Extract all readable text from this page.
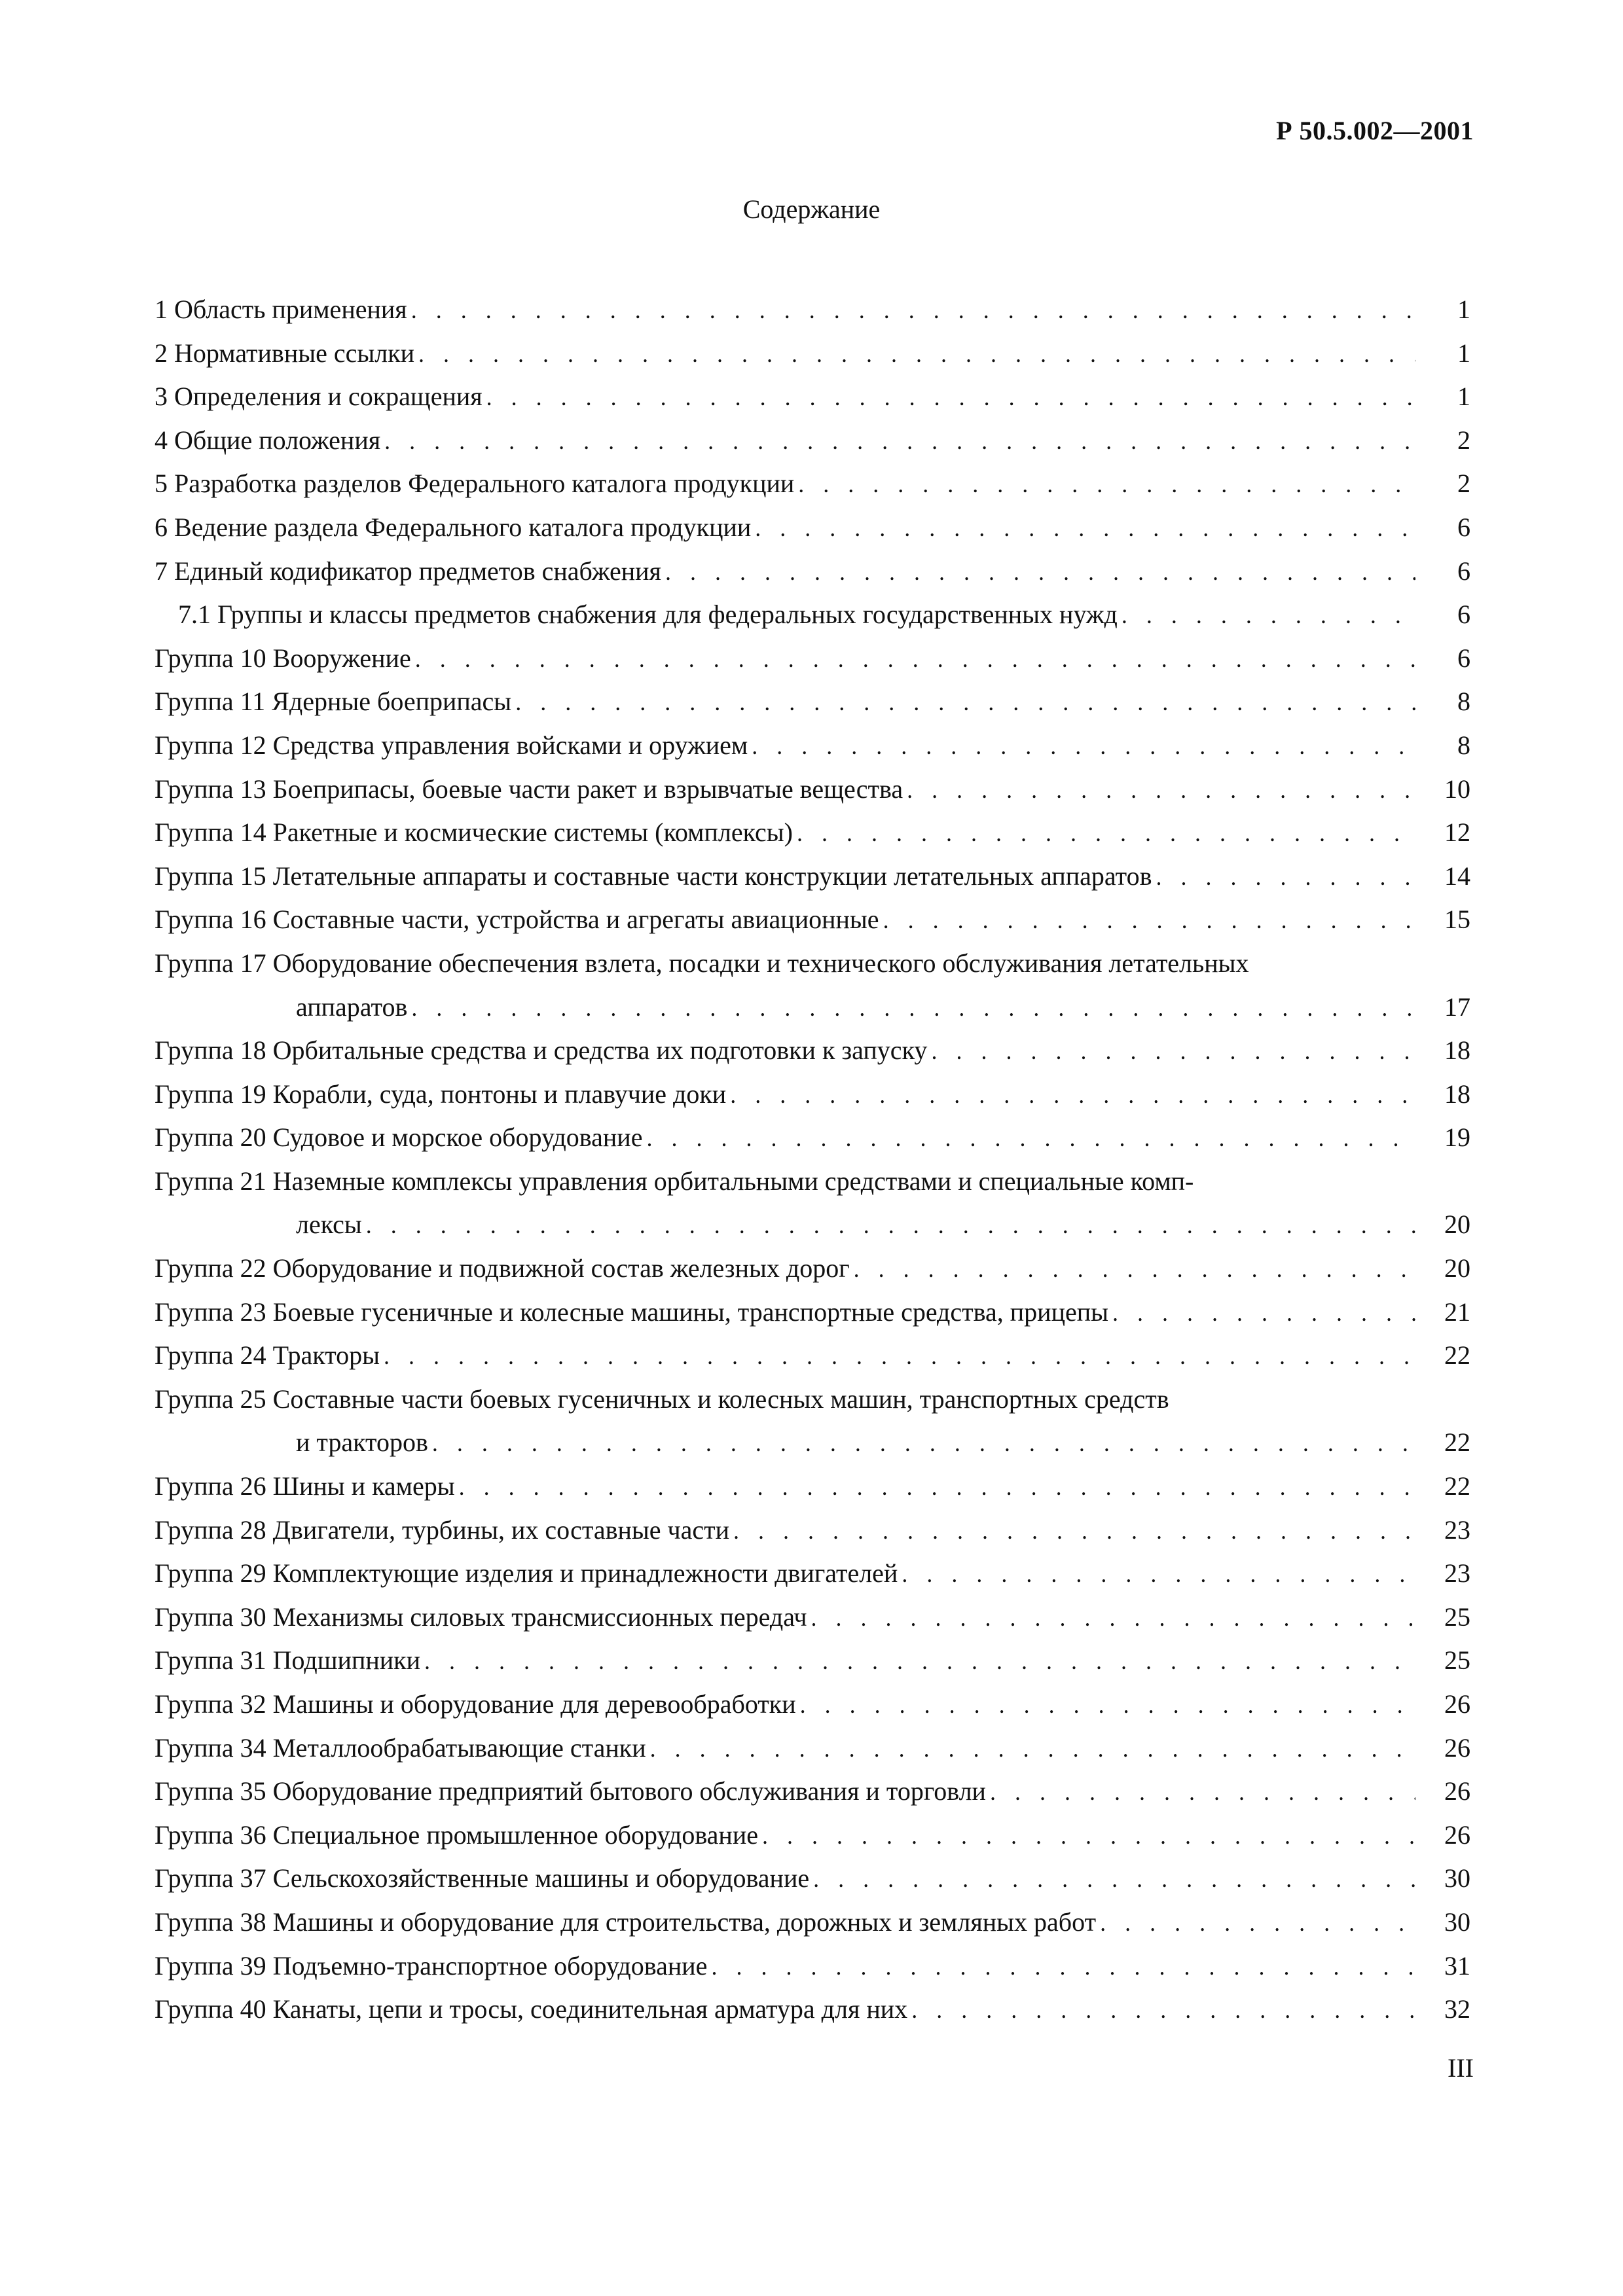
Р 50.5.002—2001
Содержание
1 Область применения . . .	1
2 Нормативные ссылки . . .	1
3 Определения и сокращения . . .	1
4 Общие положения . . .	2
5 Разработка разделов Федерального каталога продукции . . .	2
6 Ведение раздела Федерального каталога продукции . . .	6
7 Единый кодификатор предметов снабжения . . .	6
7.1 Группы и классы предметов снабжения для федеральных государственных нужд . . .	6
Группа 10 Вооружение . . .	6
Группа 11 Ядерные боеприпасы . . .	8
Группа 12 Средства управления войсками и оружием . . .	8
Группа 13 Боеприпасы, боевые части ракет и взрывчатые вещества . . .	10
Группа 14 Ракетные и космические системы (комплексы) . . .	12
Группа 15 Летательные аппараты и составные части конструкции летательных аппаратов . . .	14
Группа 16 Составные части, устройства и агрегаты авиационные . . .	15
Группа 17 Оборудование обеспечения взлета, посадки и технического обслуживания летательных
аппаратов . . .	17
Группа 18 Орбитальные средства и средства их подготовки к запуску . . .	18
Группа 19 Корабли, суда, понтоны и плавучие доки . . .	18
Группа 20 Судовое и морское оборудование . . .	19
Группа 21 Наземные комплексы управления орбитальными средствами и специальные комп-
лексы . . .	20
Группа 22 Оборудование и подвижной состав железных дорог . . .	20
Группа 23 Боевые гусеничные и колесные машины, транспортные средства, прицепы . . .	21
Группа 24 Тракторы . . .	22
Группа 25 Составные части боевых гусеничных и колесных машин, транспортных средств
и тракторов . . .	22
Группа 26 Шины и камеры . . .	22
Группа 28 Двигатели, турбины, их составные части . . .	23
Группа 29 Комплектующие изделия и принадлежности двигателей . . .	23
Группа 30 Механизмы силовых трансмиссионных передач . . .	25
Группа 31 Подшипники . . .	25
Группа 32 Машины и оборудование для деревообработки . . .	26
Группа 34 Металлообрабатывающие станки . . .	26
Группа 35 Оборудование предприятий бытового обслуживания и торговли . . .	26
Группа 36 Специальное промышленное оборудование . . .	26
Группа 37 Сельскохозяйственные машины и оборудование . . .	30
Группа 38 Машины и оборудование для строительства, дорожных и земляных работ . . .	30
Группа 39 Подъемно-транспортное оборудование . . .	31
Группа 40 Канаты, цепи и тросы, соединительная арматура для них . . .	32
III
